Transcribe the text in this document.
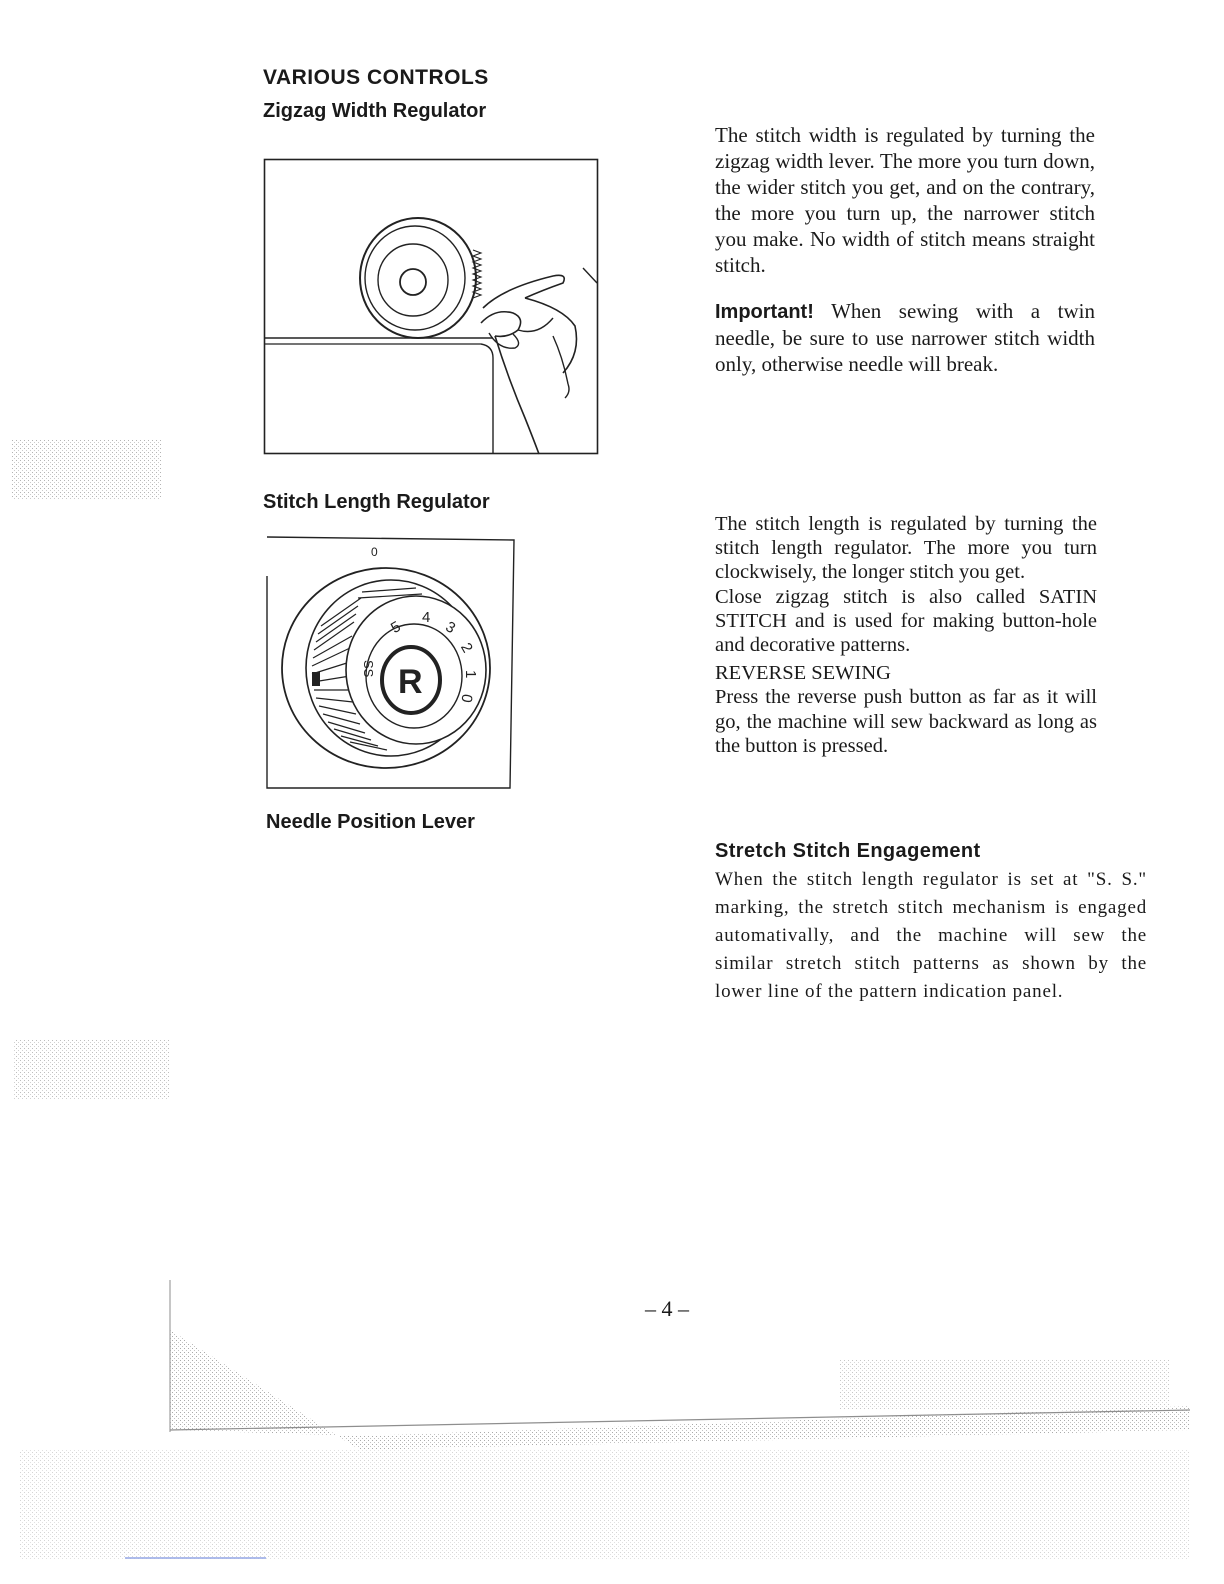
VARIOUS CONTROLS
Zigzag Width Regulator

The stitch width is regulated by turning the zigzag width lever. The more you turn down, the wider stitch you get, and on the contrary, the more you turn up, the narrower stitch you make. No width of stitch means straight stitch.

Important! When sewing with a twin needle, be sure to use narrower stitch width only, otherwise needle will break.

Stitch Length Regulator
0
R
4
5	3
2
1
0
SS

The stitch length is regulated by turning the stitch length regulator. The more you turn clockwisely, the longer stitch you get.

Close zigzag stitch is also called SATIN STITCH and is used for making button-hole and decorative patterns.

REVERSE SEWING

Press the reverse push button as far as it will go, the machine will sew backward as long as the button is pressed.

Needle Position Lever
Stretch Stitch Engagement
When the stitch length regulator is set at "S. S." marking, the stretch stitch mechanism is engaged automativally, and the machine will sew the similar stretch stitch patterns as shown by the lower line of the pattern indication panel.
– 4 –
